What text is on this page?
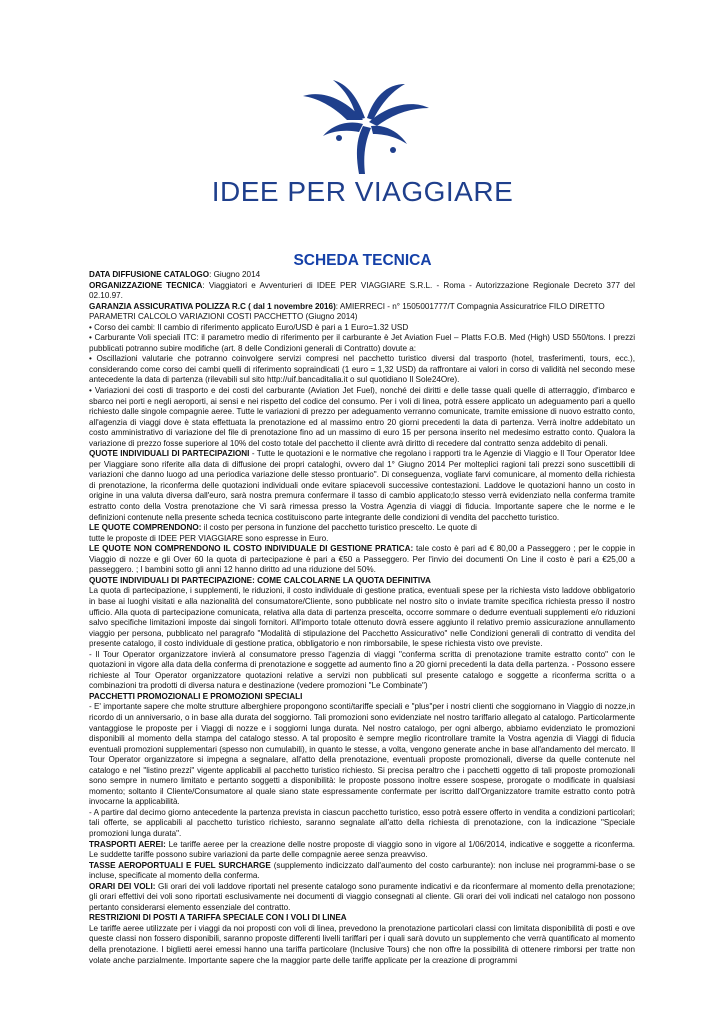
IDEE PER VIAGGIARE
SCHEDA TECNICA

DATA DIFFUSIONE CATALOGO: Giugno 2014

ORGANIZZAZIONE TECNICA: Viaggiatori e Avventurieri di IDEE PER VIAGGIARE S.R.L. - Roma - Autorizzazione Regionale Decreto 377 del 02.10.97.

GARANZIA ASSICURATIVA POLIZZA R.C ( dal 1 novembre 2016): AMIERRECI - n° 1505001777/T Compagnia Assicuratrice FILO DIRETTO

PARAMETRI CALCOLO VARIAZIONI COSTI PACCHETTO (Giugno 2014)

• Corso dei cambi: Il cambio di riferimento applicato Euro/USD è pari a 1 Euro=1.32 USD

• Carburante Voli speciali ITC: il parametro medio di riferimento per il carburante è Jet Aviation Fuel – Platts F.O.B. Med (High) USD 550/tons. I prezzi pubblicati potranno subire modifiche (art. 8 delle Condizioni generali di Contratto) dovute a:

• Oscillazioni valutarie che potranno coinvolgere servizi compresi nel pacchetto turistico diversi dal trasporto (hotel, trasferimenti, tours, ecc.), considerando come corso dei cambi quelli di riferimento sopraindicati (1 euro = 1,32 USD) da raffrontare ai valori in corso di validità nel secondo mese antecedente la data di partenza (rilevabili sul sito http://uif.bancaditalia.it o sul quotidiano Il Sole24Ore).

• Variazioni dei costi di trasporto e dei costi del carburante (Aviation Jet Fuel), nonché dei diritti e delle tasse quali quelle di atterraggio, d'imbarco e sbarco nei porti e negli aeroporti, ai sensi e nei rispetto del codice del consumo. Per i voli di linea, potrà essere applicato un adeguamento pari a quello richiesto dalle singole compagnie aeree. Tutte le variazioni di prezzo per adeguamento verranno comunicate, tramite emissione di nuovo estratto conto, all'agenzia di viaggi dove è stata effettuata la prenotazione ed al massimo entro 20 giorni precedenti la data di partenza. Verrà inoltre addebitato un costo amministrativo di variazione del file di prenotazione fino ad un massimo di euro 15 per persona inserito nel medesimo estratto conto. Qualora la variazione di prezzo fosse superiore al 10% del costo totale del pacchetto il cliente avrà diritto di recedere dal contratto senza addebito di penali.

QUOTE INDIVIDUALI DI PARTECIPAZIONI - Tutte le quotazioni e le normative che regolano i rapporti tra le Agenzie di Viaggio e Il Tour Operator Idee per Viaggiare sono riferite alla data di diffusione dei propri cataloghi, ovvero dal 1° Giugno 2014 Per molteplici ragioni tali prezzi sono suscettibili di variazioni che danno luogo ad una periodica variazione delle stesso prontuario". Di conseguenza, vogliate farvi comunicare, al momento della richiesta di prenotazione, la riconferma delle quotazioni individuali onde evitare spiacevoli successive contestazioni. Laddove le quotazioni hanno un costo in origine in una valuta diversa dall'euro, sarà nostra premura confermare il tasso di cambio applicato;lo stesso verrà evidenziato nella conferma tramite estratto conto della Vostra prenotazione che Vi sarà rimessa presso la Vostra Agenzia di viaggi di fiducia. Importante sapere che le norme e le definizioni contenute nella presente scheda tecnica costituiscono parte integrante delle condizioni di vendita del pacchetto turistico.

LE QUOTE COMPRENDONO: il costo per persona in funzione del pacchetto turistico prescelto. Le quote di

tutte le proposte di IDEE PER VIAGGIARE sono espresse in Euro.

LE QUOTE NON COMPRENDONO IL COSTO INDIVIDUALE DI GESTIONE PRATICA: tale costo è pari ad € 80,00 a Passeggero ; per le coppie in Viaggio di nozze e gli Over 60 la quota di partecipazione è pari a €50 a Passeggero. Per l'invio dei documenti On Line il costo è pari a €25,00 a passeggero. ; I bambini sotto gli anni 12 hanno diritto ad una riduzione del 50%.

QUOTE INDIVIDUALI DI PARTECIPAZIONE: COME CALCOLARNE LA QUOTA DEFINITIVA

La quota di partecipazione, i supplementi, le riduzioni, il costo individuale di gestione pratica, eventuali spese per la richiesta visto laddove obbligatorio in base ai luoghi visitati e alla nazionalità del consumatore/Cliente, sono pubblicate nel nostro sito o inviate tramite specifica richiesta presso il nostro ufficio. Alla quota di partecipazione comunicata, relativa alla data di partenza prescelta, occorre sommare o dedurre eventuali supplementi e/o riduzioni salvo specifiche limitazioni imposte dai singoli fornitori. All'importo totale ottenuto dovrà essere aggiunto il relativo premio assicurazione annullamento viaggio per persona, pubblicato nel paragrafo "Modalità di stipulazione del Pacchetto Assicurativo" nelle Condizioni generali di contratto di vendita del presente catalogo, il costo individuale di gestione pratica, obbligatorio e non rimborsabile, le spese richiesta visto ove previste.

- Il Tour Operator organizzatore invierà al consumatore presso l'agenzia di viaggi "conferma scritta di prenotazione tramite estratto conto" con le quotazioni in vigore alla data della conferma di prenotazione e soggette ad aumento fino a 20 giorni precedenti la data della partenza. - Possono essere richieste al Tour Operator organizzatore quotazioni relative a servizi non pubblicati sul presente catalogo e soggette a riconferma scritta o a combinazioni tra prodotti di diversa natura e destinazione (vedere promozioni "Le Combinate")

PACCHETTI PROMOZIONALI E PROMOZIONI SPECIALI

- E' importante sapere che molte strutture alberghiere propongono sconti/tariffe speciali e "plus"per i nostri clienti che soggiornano in Viaggio di nozze,in ricordo di un anniversario, o in base alla durata del soggiorno. Tali promozioni sono evidenziate nel nostro tariffario allegato al catalogo. Particolarmente vantaggiose le proposte per i Viaggi di nozze e i soggiorni lunga durata. Nel nostro catalogo, per ogni albergo, abbiamo evidenziato le promozioni disponibili al momento della stampa del catalogo stesso. A tal proposito è sempre meglio ricontrollare tramite la Vostra agenzia di Viaggi di fiducia eventuali promozioni supplementari (spesso non cumulabili), in quanto le stesse, a volta, vengono generate anche in base all'andamento del mercato. Il Tour Operator organizzatore si impegna a segnalare, all'atto della prenotazione, eventuali proposte promozionali, diverse da quelle contenute nel catalogo e nel "listino prezzi" vigente applicabili al pacchetto turistico richiesto. Si precisa peraltro che i pacchetti oggetto di tali proposte promozionali sono sempre in numero limitato e pertanto soggetti a disponibilità: le proposte possono inoltre essere sospese, prorogate o modificate in qualsiasi momento; soltanto il Cliente/Consumatore al quale siano state espressamente confermate per iscritto dall'Organizzatore tramite estratto conto potrà invocarne la applicabilità.

- A partire dal decimo giorno antecedente la partenza prevista in ciascun pacchetto turistico, esso potrà essere offerto in vendita a condizioni particolari; tali offerte, se applicabili al pacchetto turistico richiesto, saranno segnalate all'atto della richiesta di prenotazione, con la indicazione "Speciale promozioni lunga durata".

TRASPORTI AEREI: Le tariffe aeree per la creazione delle nostre proposte di viaggio sono in vigore al 1/06/2014, indicative e soggette a riconferma. Le suddette tariffe possono subire variazioni da parte delle compagnie aeree senza preavviso.

TASSE AEROPORTUALI E FUEL SURCHARGE (supplemento indicizzato dall'aumento del costo carburante): non incluse nei programmi-base o se incluse, specificate al momento della conferma.

ORARI DEI VOLI: Gli orari dei voli laddove riportati nel presente catalogo sono puramente indicativi e da riconfermare al momento della prenotazione; gli orari effettivi dei voli sono riportati esclusivamente nei documenti di viaggio consegnati al cliente. Gli orari dei voli indicati nel catalogo non possono pertanto considerarsi elemento essenziale del contratto.

RESTRIZIONI DI POSTI A TARIFFA SPECIALE CON I VOLI DI LINEA

Le tariffe aeree utilizzate per i viaggi da noi proposti con voli di linea, prevedono la prenotazione particolari classi con limitata disponibilità di posti e ove queste classi non fossero disponibili, saranno proposte differenti livelli tariffari per i quali sarà dovuto un supplemento che verrà quantificato al momento della prenotazione. I biglietti aerei emessi hanno una tariffa particolare (Inclusive Tours) che non offre la possibilità di ottenere rimborsi per tratte non volate anche parzialmente. Importante sapere che la maggior parte delle tariffe applicate per la creazione di programmi
